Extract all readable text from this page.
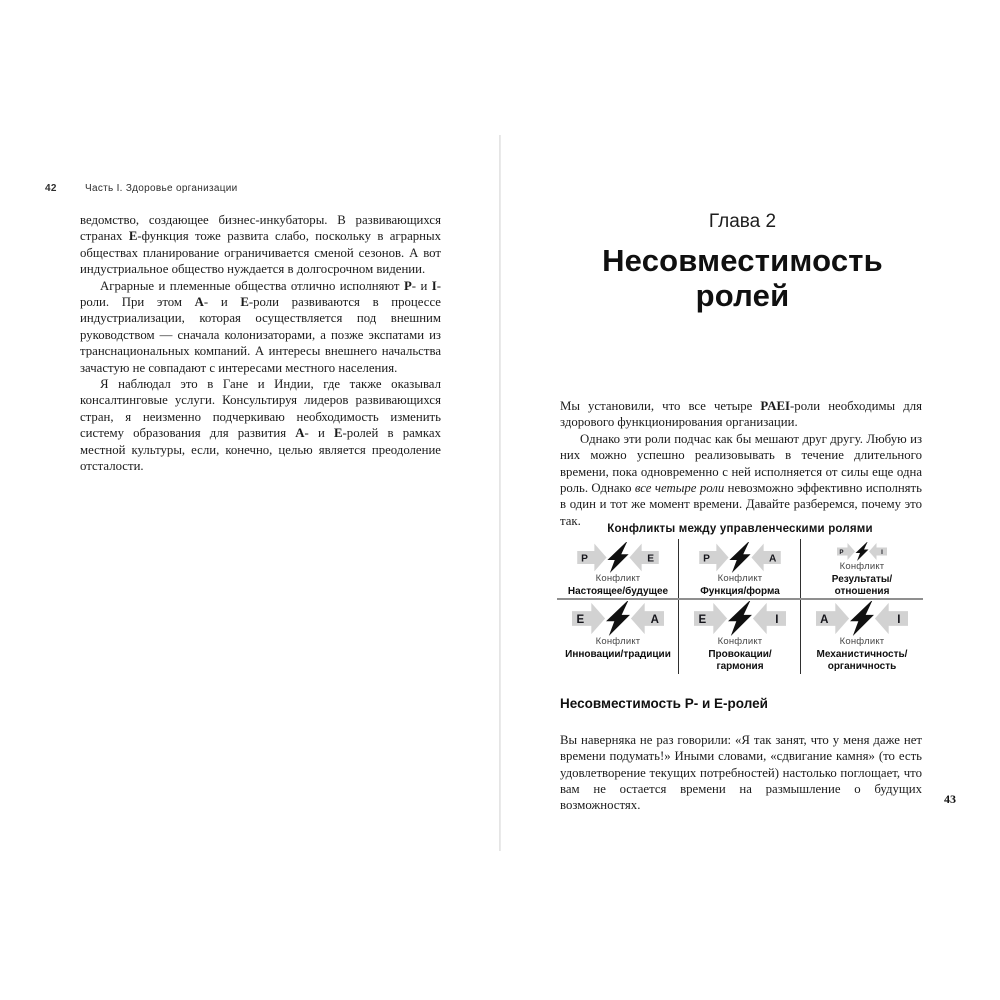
42	Часть I. Здоровье организации

ведомство, создающее бизнес-инкубаторы. В развивающихся странах E-функция тоже развита слабо, поскольку в аграрных обществах планирование ограничивается сменой сезонов. А вот индустриальное общество нуждается в долгосрочном видении.

Аграрные и племенные общества отлично исполняют P- и I-роли. При этом A- и E-роли развиваются в процессе индустриализации, которая осуществляется под внешним руководством — сначала колонизаторами, а позже экспатами из транснациональных компаний. А интересы внешнего начальства зачастую не совпадают с интересами местного населения.

Я наблюдал это в Гане и Индии, где также оказывал консалтинговые услуги. Консультируя лидеров развивающихся стран, я неизменно подчеркиваю необходимость изменить систему образования для развития A- и E-ролей в рамках местной культуры, если, конечно, целью является преодоление отсталости.

Глава 2
Несовместимость ролей

Мы установили, что все четыре PAEI-роли необходимы для здорового функционирования организации.

Однако эти роли подчас как бы мешают друг другу. Любую из них можно успешно реализовывать в течение длительного времени, пока одновременно с ней исполняется от силы еще одна роль. Однако все четыре роли невозможно эффективно исполнять в один и тот же момент времени. Давайте разберемся, почему это так.

Конфликты между управленческими ролями
P	E
Конфликт
Настоящее/будущее
P	A
Конфликт
Функция/форма
P	I
Конфликт
Результаты/отношения
E	A
Конфликт
Инновации/традиции
E	I
Конфликт
Провокации/гармония
A	I
Конфликт
Механистичность/органичность
Несовместимость P- и E-ролей

Вы наверняка не раз говорили: «Я так занят, что у меня даже нет времени подумать!» Иными словами, «сдвигание камня» (то есть удовлетворение текущих потребностей) настолько поглощает, что вам не остается времени на размышление о будущих возможностях.	43
